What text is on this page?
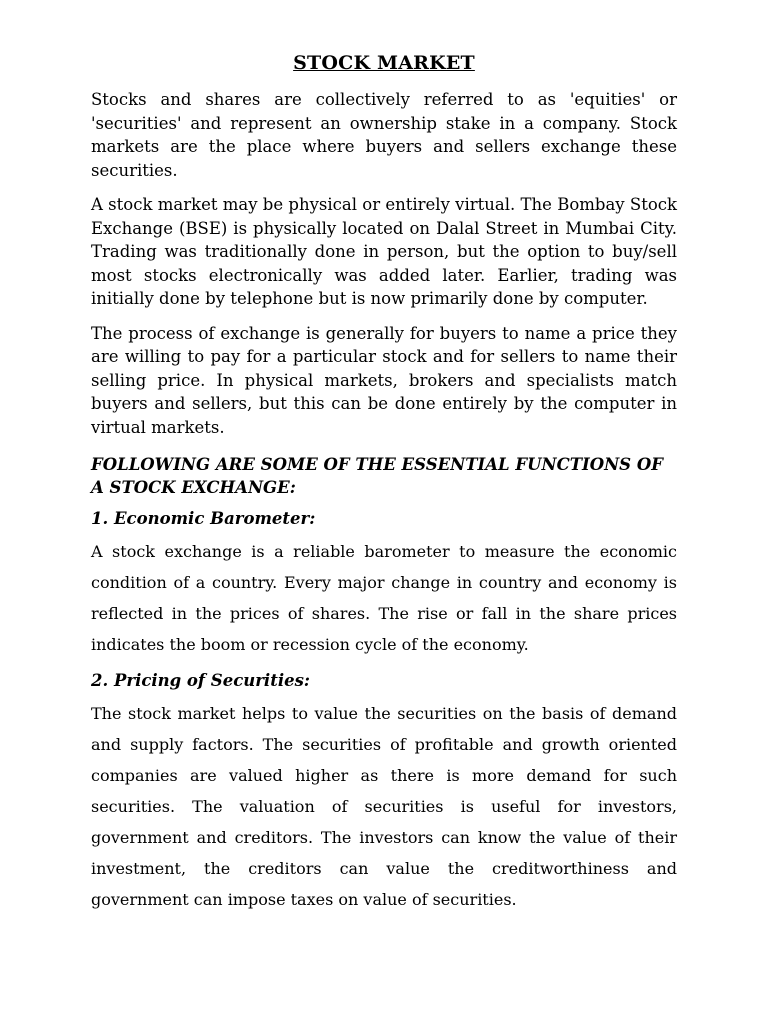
STOCK MARKET

Stocks and shares are collectively referred to as 'equities' or 'securities' and represent an ownership stake in a company. Stock markets are the place where buyers and sellers exchange these securities.

A stock market may be physical or entirely virtual. The Bombay Stock Exchange (BSE) is physically located on Dalal Street in Mumbai City. Trading was traditionally done in person, but the option to buy/sell most stocks electronically was added later. Earlier, trading was initially done by telephone but is now primarily done by computer.

The process of exchange is generally for buyers to name a price they are willing to pay for a particular stock and for sellers to name their selling price. In physical markets, brokers and specialists match buyers and sellers, but this can be done entirely by the computer in virtual markets.

FOLLOWING ARE SOME OF THE ESSENTIAL FUNCTIONS OF A STOCK EXCHANGE:
1. Economic Barometer:

A stock exchange is a reliable barometer to measure the economic condition of a country. Every major change in country and economy is reflected in the prices of shares. The rise or fall in the share prices indicates the boom or recession cycle of the economy.

2. Pricing of Securities:

The stock market helps to value the securities on the basis of demand and supply factors. The securities of profitable and growth oriented companies are valued higher as there is more demand for such securities. The valuation of securities is useful for investors, government and creditors. The investors can know the value of their investment, the creditors can value the creditworthiness and government can impose taxes on value of securities.
